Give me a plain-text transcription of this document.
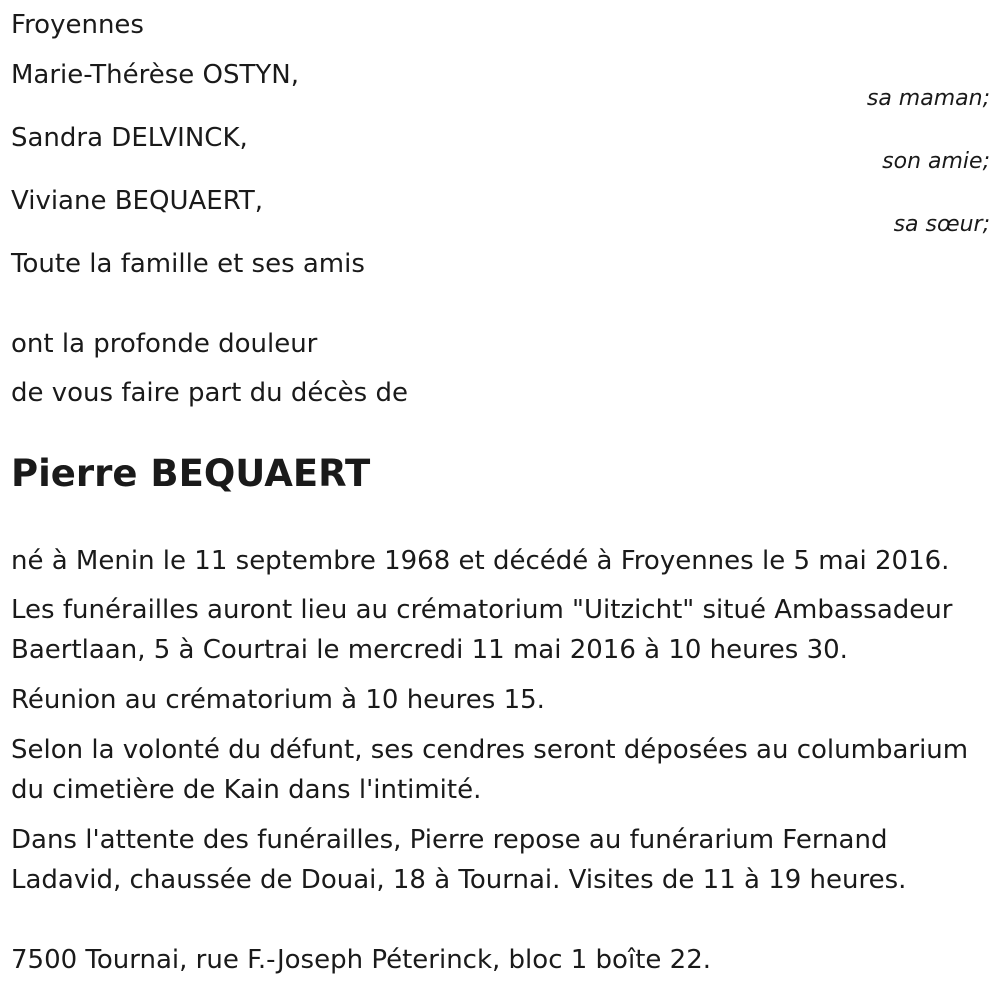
Froyennes

Marie-Thérèse OSTYN,

sa maman;

Sandra DELVINCK,

son amie;

Viviane BEQUAERT,

sa sœur;

Toute la famille et ses amis

ont la profonde douleur

de vous faire part du décès de

Pierre BEQUAERT

né à Menin le 11 septembre 1968 et décédé à Froyennes le 5 mai 2016.

Les funérailles auront lieu au crématorium "Uitzicht" situé Ambassadeur Baertlaan, 5 à Courtrai le mercredi 11 mai 2016 à 10 heures 30.

Réunion au crématorium à 10 heures 15.

Selon la volonté du défunt, ses cendres seront déposées au columbarium du cimetière de Kain dans l'intimité.

Dans l'attente des funérailles, Pierre repose au funérarium Fernand Ladavid, chaussée de Douai, 18 à Tournai. Visites de 11 à 19 heures.

7500 Tournai, rue F.-Joseph Péterinck, bloc 1 boîte 22.
